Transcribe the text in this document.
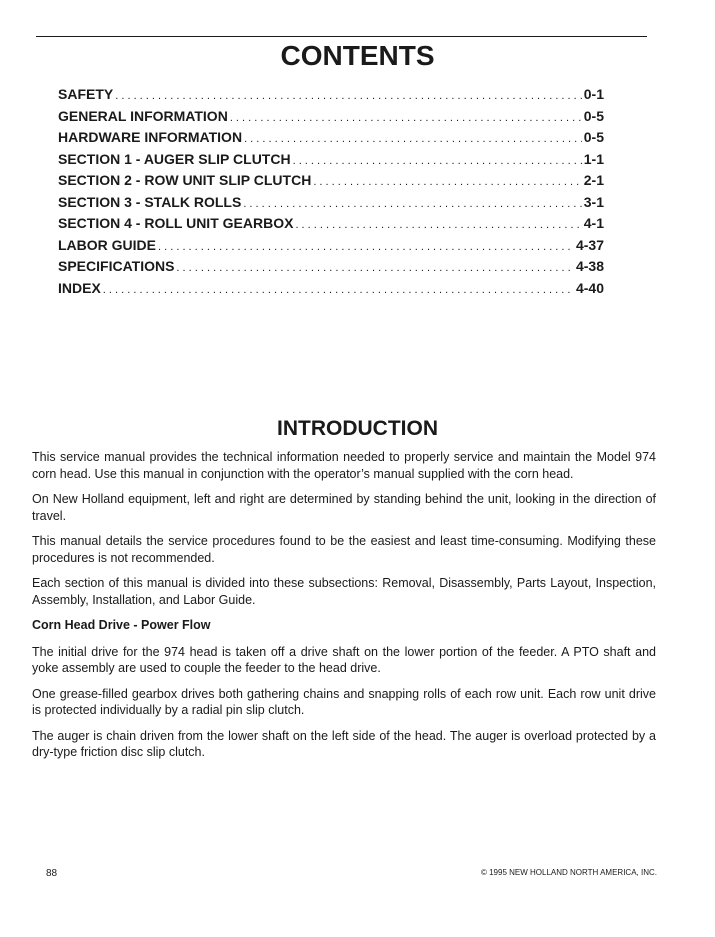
CONTENTS
SAFETY . . .	0-1
GENERAL INFORMATION . . .	0-5
HARDWARE INFORMATION . . .	0-5
SECTION 1 - AUGER SLIP CLUTCH . . .	1-1
SECTION 2 - ROW UNIT SLIP CLUTCH . . .	2-1
SECTION 3 - STALK ROLLS . . .	3-1
SECTION 4 - ROLL UNIT GEARBOX . . .	4-1
LABOR GUIDE . . .	4-37
SPECIFICATIONS . . .	4-38
INDEX . . .	4-40
INTRODUCTION

This service manual provides the technical information needed to properly service and maintain the Model 974 corn head. Use this manual in conjunction with the operator’s manual supplied with the corn head.

On New Holland equipment, left and right are determined by standing behind the unit, looking in the direction of travel.

This manual details the service procedures found to be the easiest and least time-consuming. Modifying these procedures is not recommended.

Each section of this manual is divided into these subsections: Removal, Disassembly, Parts Layout, Inspection, Assembly, Installation, and Labor Guide.

Corn Head Drive - Power Flow

The initial drive for the 974 head is taken off a drive shaft on the lower portion of the feeder. A PTO shaft and yoke assembly are used to couple the feeder to the head drive.

One grease-filled gearbox drives both gathering chains and snapping rolls of each row unit. Each row unit drive is protected individually by a radial pin slip clutch.

The auger is chain driven from the lower shaft on the left side of the head. The auger is overload protected by a dry-type friction disc slip clutch.

88	© 1995 NEW HOLLAND NORTH AMERICA, INC.
